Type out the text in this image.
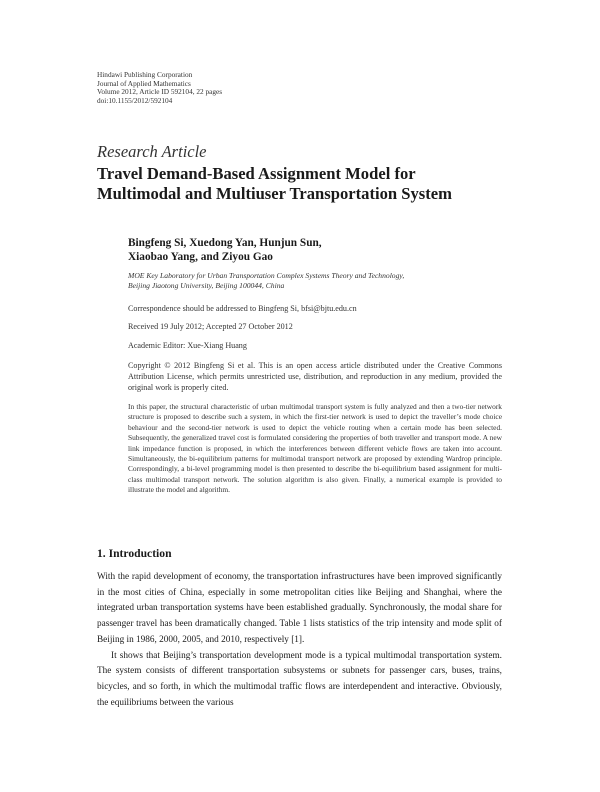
Hindawi Publishing Corporation
Journal of Applied Mathematics
Volume 2012, Article ID 592104, 22 pages
doi:10.1155/2012/592104
Research Article
Travel Demand-Based Assignment Model for
Multimodal and Multiuser Transportation System
Bingfeng Si, Xuedong Yan, Hunjun Sun,
Xiaobao Yang, and Ziyou Gao
MOE Key Laboratory for Urban Transportation Complex Systems Theory and Technology,
Beijing Jiaotong University, Beijing 100044, China
Correspondence should be addressed to Bingfeng Si, bfsi@bjtu.edu.cn
Received 19 July 2012; Accepted 27 October 2012
Academic Editor: Xue-Xiang Huang
Copyright © 2012 Bingfeng Si et al. This is an open access article distributed under the Creative Commons Attribution License, which permits unrestricted use, distribution, and reproduction in any medium, provided the original work is properly cited.
In this paper, the structural characteristic of urban multimodal transport system is fully analyzed and then a two-tier network structure is proposed to describe such a system, in which the first-tier network is used to depict the traveller’s mode choice behaviour and the second-tier network is used to depict the vehicle routing when a certain mode has been selected. Subsequently, the generalized travel cost is formulated considering the properties of both traveller and transport mode. A new link impedance function is proposed, in which the interferences between different vehicle flows are taken into account. Simultaneously, the bi-equilibrium patterns for multimodal transport network are proposed by extending Wardrop principle. Correspondingly, a bi-level programming model is then presented to describe the bi-equilibrium based assignment for multi-class multimodal transport network. The solution algorithm is also given. Finally, a numerical example is provided to illustrate the model and algorithm.
1. Introduction

With the rapid development of economy, the transportation infrastructures have been improved significantly in the most cities of China, especially in some metropolitan cities like Beijing and Shanghai, where the integrated urban transportation systems have been established gradually. Synchronously, the modal share for passenger travel has been dramatically changed. Table 1 lists statistics of the trip intensity and mode split of Beijing in 1986, 2000, 2005, and 2010, respectively [1].

It shows that Beijing’s transportation development mode is a typical multimodal transportation system. The system consists of different transportation subsystems or subnets for passenger cars, buses, trains, bicycles, and so forth, in which the multimodal traffic flows are interdependent and interactive. Obviously, the equilibriums between the various
